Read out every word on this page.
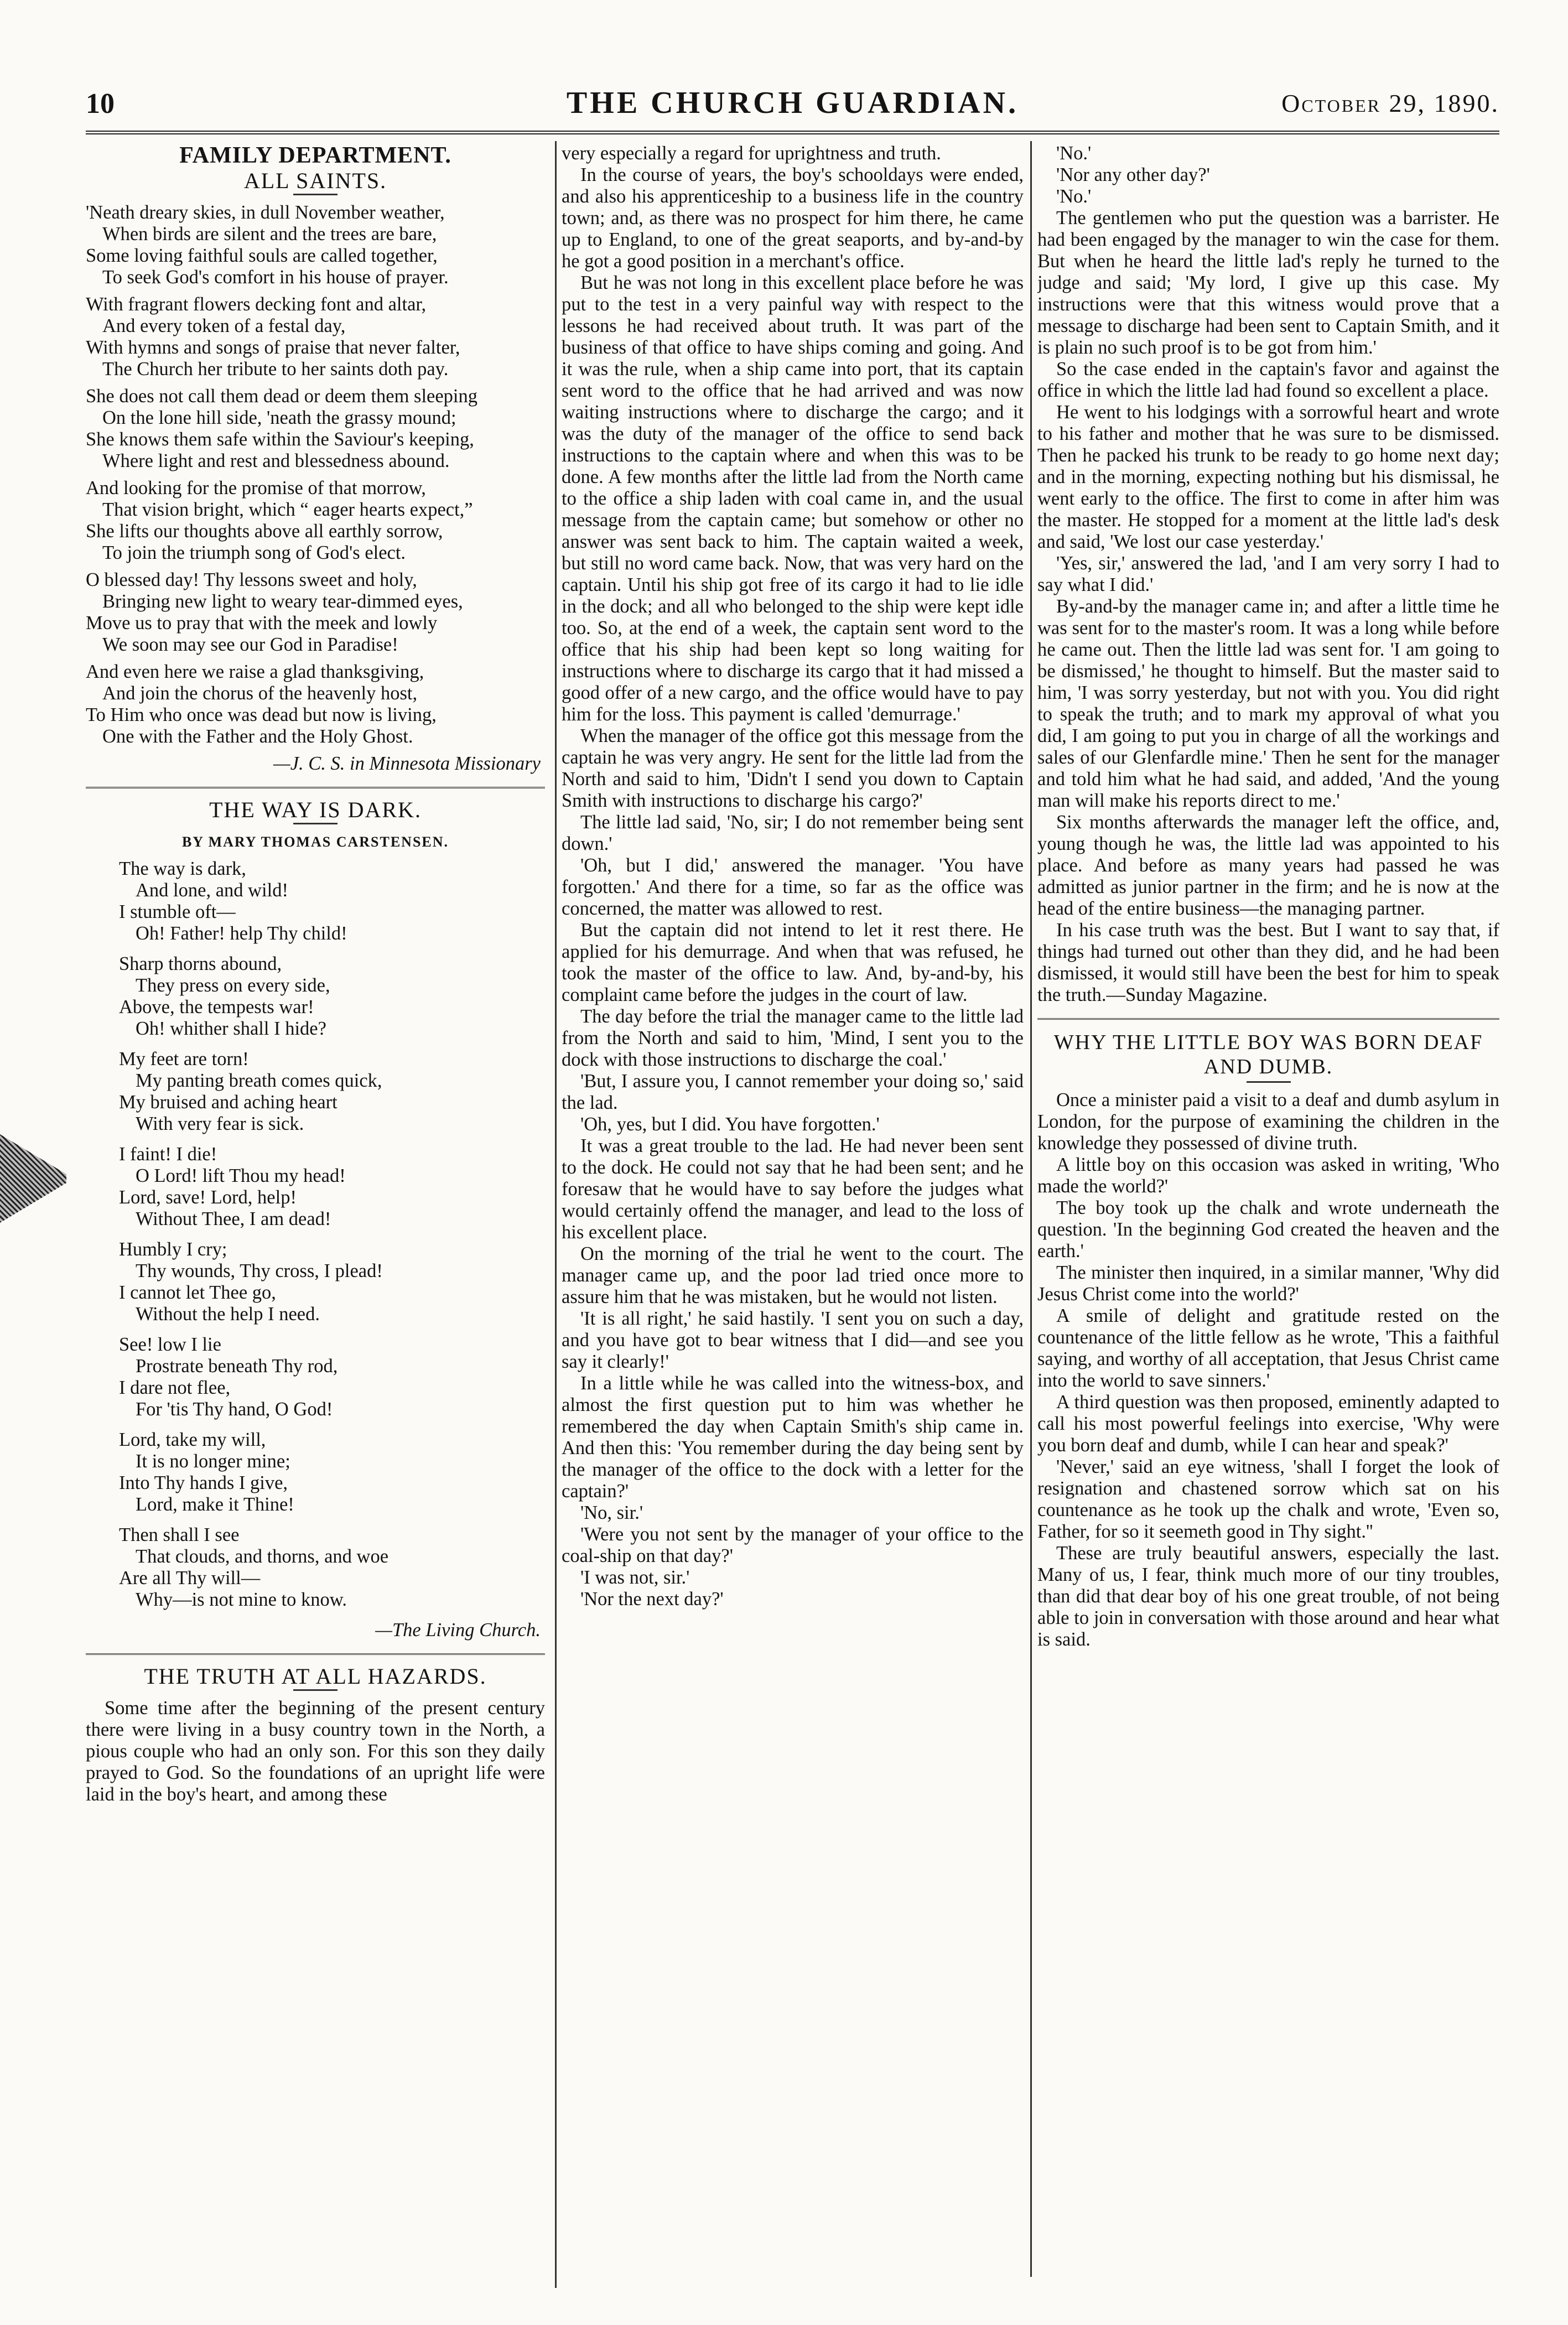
10	THE CHURCH GUARDIAN.	October 29, 1890.
FAMILY DEPARTMENT.
ALL SAINTS.
'Neath dreary skies, in dull November weather,
When birds are silent and the trees are bare,
Some loving faithful souls are called together,
To seek God's comfort in his house of prayer.
With fragrant flowers decking font and altar,
And every token of a festal day,
With hymns and songs of praise that never falter,
The Church her tribute to her saints doth pay.
She does not call them dead or deem them sleeping
On the lone hill side, 'neath the grassy mound;
She knows them safe within the Saviour's keeping,
Where light and rest and blessedness abound.
And looking for the promise of that morrow,
That vision bright, which “ eager hearts expect,”
She lifts our thoughts above all earthly sorrow,
To join the triumph song of God's elect.
O blessed day! Thy lessons sweet and holy,
Bringing new light to weary tear-dimmed eyes,
Move us to pray that with the meek and lowly
We soon may see our God in Paradise!
And even here we raise a glad thanksgiving,
And join the chorus of the heavenly host,
To Him who once was dead but now is living,
One with the Father and the Holy Ghost.
—J. C. S. in Minnesota Missionary
THE WAY IS DARK.
BY MARY THOMAS CARSTENSEN.
The way is dark,
And lone, and wild!
I stumble oft—
Oh! Father! help Thy child!
Sharp thorns abound,
They press on every side,
Above, the tempests war!
Oh! whither shall I hide?
My feet are torn!
My panting breath comes quick,
My bruised and aching heart
With very fear is sick.
I faint! I die!
O Lord! lift Thou my head!
Lord, save! Lord, help!
Without Thee, I am dead!
Humbly I cry;
Thy wounds, Thy cross, I plead!
I cannot let Thee go,
Without the help I need.
See! low I lie
Prostrate beneath Thy rod,
I dare not flee,
For 'tis Thy hand, O God!
Lord, take my will,
It is no longer mine;
Into Thy hands I give,
Lord, make it Thine!
Then shall I see
That clouds, and thorns, and woe
Are all Thy will—
Why—is not mine to know.
—The Living Church.
THE TRUTH AT ALL HAZARDS.

Some time after the beginning of the present century there were living in a busy country town in the North, a pious couple who had an only son. For this son they daily prayed to God. So the foundations of an upright life were laid in the boy's heart, and among these

very especially a regard for uprightness and truth.

In the course of years, the boy's schooldays were ended, and also his apprenticeship to a business life in the country town; and, as there was no prospect for him there, he came up to England, to one of the great seaports, and by-and-by he got a good position in a merchant's office.

But he was not long in this excellent place before he was put to the test in a very painful way with respect to the lessons he had received about truth. It was part of the business of that office to have ships coming and going. And it was the rule, when a ship came into port, that its captain sent word to the office that he had arrived and was now waiting instructions where to discharge the cargo; and it was the duty of the manager of the office to send back instructions to the captain where and when this was to be done. A few months after the little lad from the North came to the office a ship laden with coal came in, and the usual message from the captain came; but somehow or other no answer was sent back to him. The captain waited a week, but still no word came back. Now, that was very hard on the captain. Until his ship got free of its cargo it had to lie idle in the dock; and all who belonged to the ship were kept idle too. So, at the end of a week, the captain sent word to the office that his ship had been kept so long waiting for instructions where to discharge its cargo that it had missed a good offer of a new cargo, and the office would have to pay him for the loss. This payment is called 'demurrage.'

When the manager of the office got this message from the captain he was very angry. He sent for the little lad from the North and said to him, 'Didn't I send you down to Captain Smith with instructions to discharge his cargo?'

The little lad said, 'No, sir; I do not remember being sent down.'

'Oh, but I did,' answered the manager. 'You have forgotten.' And there for a time, so far as the office was concerned, the matter was allowed to rest.

But the captain did not intend to let it rest there. He applied for his demurrage. And when that was refused, he took the master of the office to law. And, by-and-by, his complaint came before the judges in the court of law.

The day before the trial the manager came to the little lad from the North and said to him, 'Mind, I sent you to the dock with those instructions to discharge the coal.'

'But, I assure you, I cannot remember your doing so,' said the lad.

'Oh, yes, but I did. You have forgotten.'

It was a great trouble to the lad. He had never been sent to the dock. He could not say that he had been sent; and he foresaw that he would have to say before the judges what would certainly offend the manager, and lead to the loss of his excellent place.

On the morning of the trial he went to the court. The manager came up, and the poor lad tried once more to assure him that he was mistaken, but he would not listen.

'It is all right,' he said hastily. 'I sent you on such a day, and you have got to bear witness that I did—and see you say it clearly!'

In a little while he was called into the witness-box, and almost the first question put to him was whether he remembered the day when Captain Smith's ship came in. And then this: 'You remember during the day being sent by the manager of the office to the dock with a letter for the captain?'

'No, sir.'

'Were you not sent by the manager of your office to the coal-ship on that day?'

'I was not, sir.'

'Nor the next day?'

'No.'

'Nor any other day?'

'No.'

The gentlemen who put the question was a barrister. He had been engaged by the manager to win the case for them. But when he heard the little lad's reply he turned to the judge and said; 'My lord, I give up this case. My instructions were that this witness would prove that a message to discharge had been sent to Captain Smith, and it is plain no such proof is to be got from him.'

So the case ended in the captain's favor and against the office in which the little lad had found so excellent a place.

He went to his lodgings with a sorrowful heart and wrote to his father and mother that he was sure to be dismissed. Then he packed his trunk to be ready to go home next day; and in the morning, expecting nothing but his dismissal, he went early to the office. The first to come in after him was the master. He stopped for a moment at the little lad's desk and said, 'We lost our case yesterday.'

'Yes, sir,' answered the lad, 'and I am very sorry I had to say what I did.'

By-and-by the manager came in; and after a little time he was sent for to the master's room. It was a long while before he came out. Then the little lad was sent for. 'I am going to be dismissed,' he thought to himself. But the master said to him, 'I was sorry yesterday, but not with you. You did right to speak the truth; and to mark my approval of what you did, I am going to put you in charge of all the workings and sales of our Glenfardle mine.' Then he sent for the manager and told him what he had said, and added, 'And the young man will make his reports direct to me.'

Six months afterwards the manager left the office, and, young though he was, the little lad was appointed to his place. And before as many years had passed he was admitted as junior partner in the firm; and he is now at the head of the entire business—the managing partner.

In his case truth was the best. But I want to say that, if things had turned out other than they did, and he had been dismissed, it would still have been the best for him to speak the truth.—Sunday Magazine.

WHY THE LITTLE BOY WAS BORN DEAF AND DUMB.

Once a minister paid a visit to a deaf and dumb asylum in London, for the purpose of examining the children in the knowledge they possessed of divine truth.

A little boy on this occasion was asked in writing, 'Who made the world?'

The boy took up the chalk and wrote underneath the question. 'In the beginning God created the heaven and the earth.'

The minister then inquired, in a similar manner, 'Why did Jesus Christ come into the world?'

A smile of delight and gratitude rested on the countenance of the little fellow as he wrote, 'This a faithful saying, and worthy of all acceptation, that Jesus Christ came into the world to save sinners.'

A third question was then proposed, eminently adapted to call his most powerful feelings into exercise, 'Why were you born deaf and dumb, while I can hear and speak?'

'Never,' said an eye witness, 'shall I forget the look of resignation and chastened sorrow which sat on his countenance as he took up the chalk and wrote, 'Even so, Father, for so it seemeth good in Thy sight.''

These are truly beautiful answers, especially the last. Many of us, I fear, think much more of our tiny troubles, than did that dear boy of his one great trouble, of not being able to join in conversation with those around and hear what is said.
